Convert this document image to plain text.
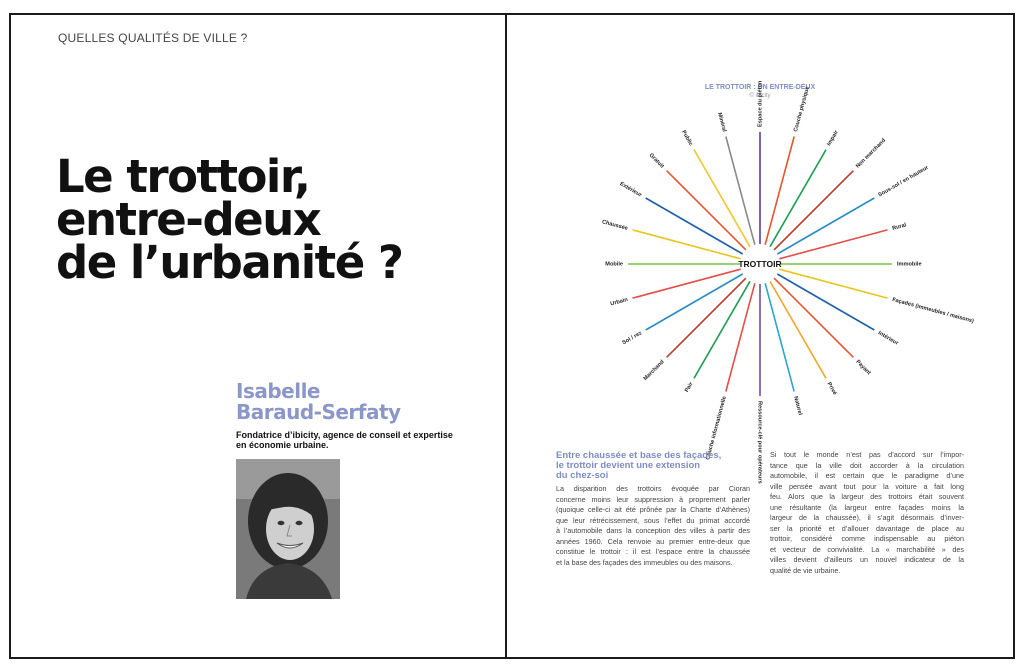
QUELLES QUALITÉS DE VILLE ?
Le trottoir,
entre-deux
de l’urbanité ?
Isabelle
Baraud-Serfaty
Fondatrice d’ibicity, agence de conseil et expertise
en économie urbaine.
LE TROTTOIR : UN ENTRE-DEUX
© ibicity
Espace du piéton	Couche physique
Impair	Non marchand
Sous-sol / en hauteur
Rural
Immobile
Façades (immeubles / maisons)
Intérieur
Payant
Privé
Naturel
Ressource-clé pour opérateurs
Couche informationnelle
Pair
Marchand
Sol / rez
Urbain
Mobile
Chaussée
Extérieur
Gratuit
Public
Minéral
TROTTOIR
Entre chaussée et base des façades,
le trottoir devient une extension
du chez-soi
La disparition des trottoirs évoquée par Cioran
concerne moins leur suppression à proprement parler
(quoique celle-ci ait été prônée par la Charte d’Athènes)
que leur rétrécissement, sous l’effet du primat accordé
à l’automobile dans la conception des villes à partir des
années 1960. Cela renvoie au premier entre-deux que
constitue le trottoir : il est l’espace entre la chaussée
et la base des façades des immeubles ou des maisons.
Si tout le monde n’est pas d’accord sur l’impor-
tance que la ville doit accorder à la circulation
automobile, il est certain que le paradigme d’une
ville pensée avant tout pour la voiture a fait long
feu. Alors que la largeur des trottoirs était souvent
une résultante (la largeur entre façades moins la
largeur de la chaussée), il s’agit désormais d’inver-
ser la priorité et d’allouer davantage de place au
trottoir, considéré comme indispensable au piéton
et vecteur de convivialité. La « marchabilité » des
villes devient d’ailleurs un nouvel indicateur de la
qualité de vie urbaine.
